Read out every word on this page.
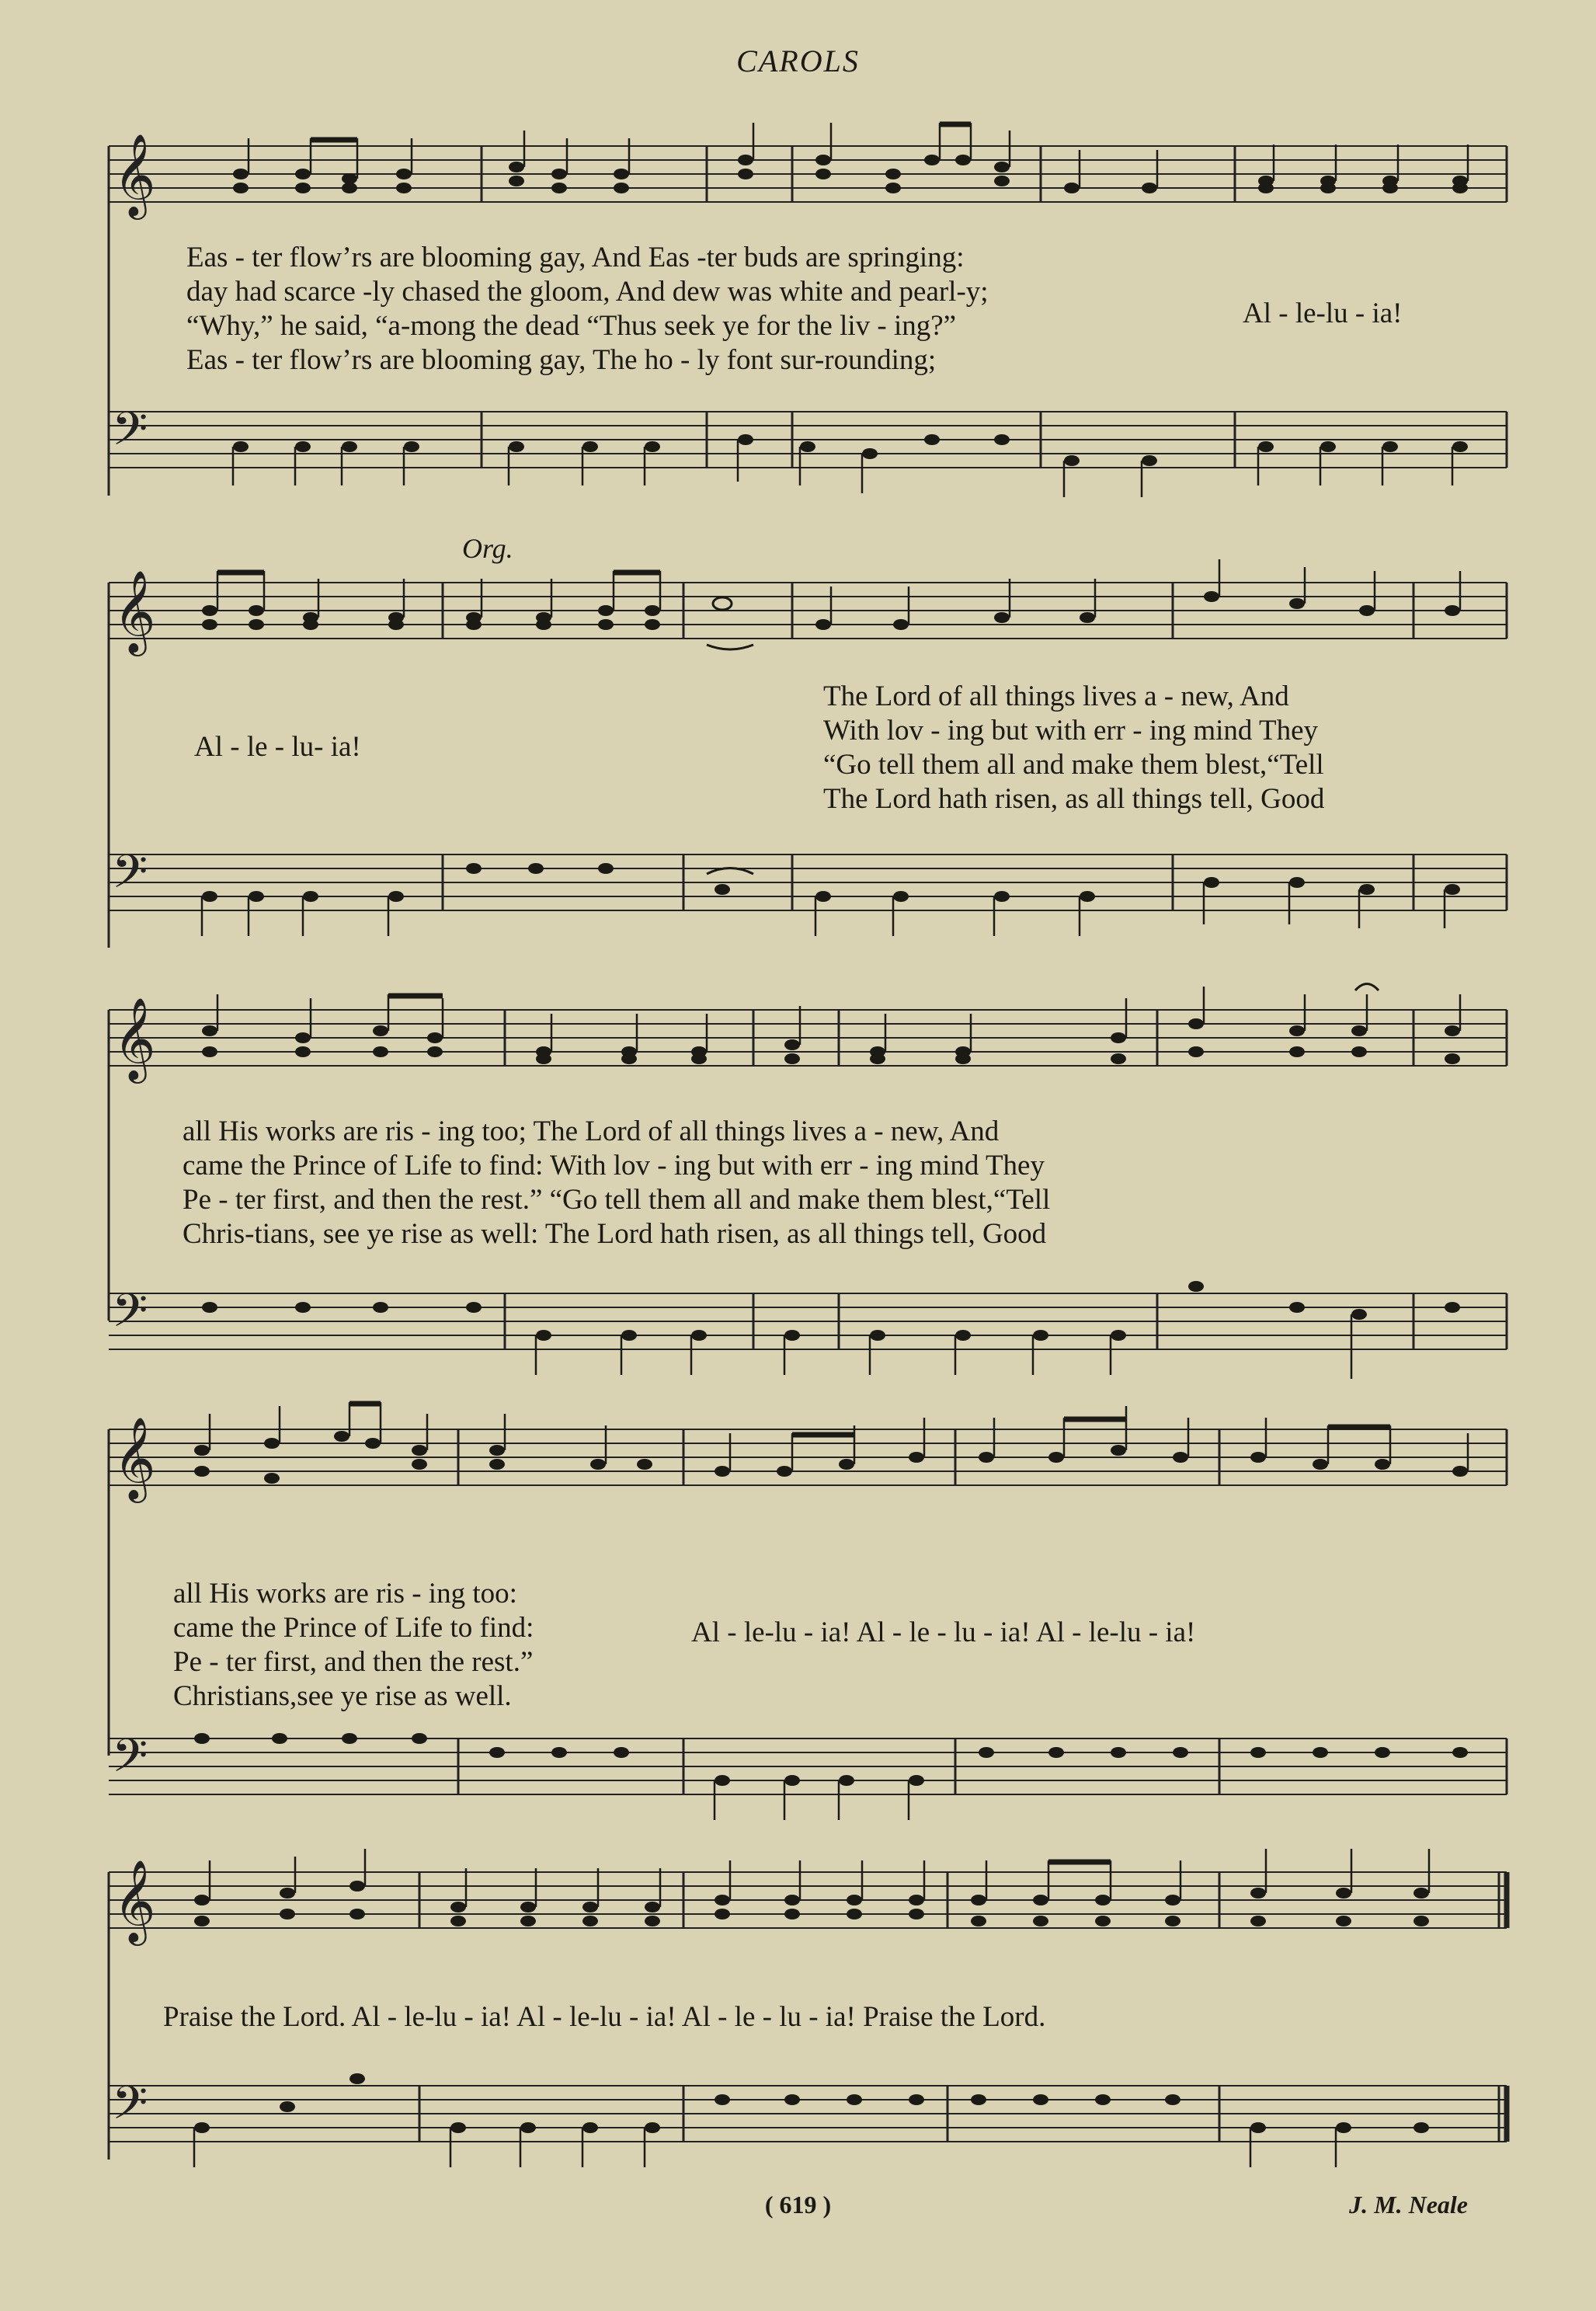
CAROLS
𝄞
Eas - ter flow’rs are blooming gay, And Eas -ter buds are springing:
day had scarce -ly chased the gloom, And dew was white and pearl-y;
“Why,” he said, “a-mong the dead “Thus seek ye for the liv - ing?”
Eas - ter flow’rs are blooming gay, The ho - ly font sur-rounding;
Al - le-lu - ia!
𝄢
Org.
𝄞
Al - le - lu- ia!
The Lord of all things lives a - new, And
With lov - ing but with err - ing mind They
“Go tell them all and make them blest,“Tell
The Lord hath risen, as all things tell, Good
𝄢
𝄞
all His works are ris - ing too; The Lord of all things lives a - new, And
came the Prince of Life to find: With lov - ing but with err - ing mind They
Pe - ter first, and then the rest.” “Go tell them all and make them blest,“Tell
Chris-tians, see ye rise as well: The Lord hath risen, as all things tell, Good
𝄢
𝄞
all His works are ris - ing too:
came the Prince of Life to find:
Pe - ter first, and then the rest.”
Christians,see ye rise as well.
Al - le-lu - ia! Al - le - lu - ia! Al - le-lu - ia!
𝄢
𝄞
Praise the Lord. Al - le-lu - ia! Al - le-lu - ia! Al - le - lu - ia! Praise the Lord.
𝄢
( 619 )	J. M. Neale
